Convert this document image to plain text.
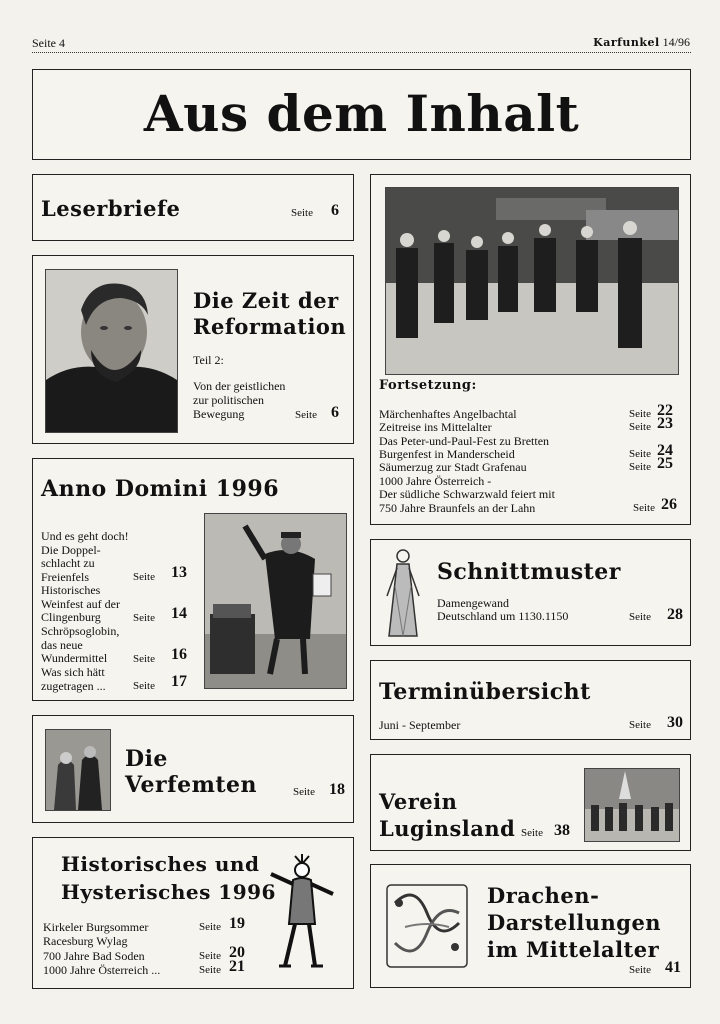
Seite 4	Karfunkel 14/96
Aus dem Inhalt
Leserbriefe	Seite 6
Die Zeit der
Reformation
Teil 2:
Von der geistlichen
zur politischen
Bewegung	Seite 6
Anno Domini 1996
Und es geht doch!
Die Doppel-
schlacht zu
Freienfels	Seite 13
Historisches
Weinfest auf der
Clingenburg	Seite 14
Schröpsoglobin,
das neue
Wundermittel	Seite 16
Was sich hätt
zugetragen ...	Seite 17
Die
Verfemten	Seite 18
Historisches und
Hysterisches 1996
Kirkeler Burgsommer	Seite 19
Racesburg Wylag
700 Jahre Bad Soden	Seite 20
1000 Jahre Österreich ...	Seite 21
Fortsetzung:
Märchenhaftes Angelbachtal	Seite 22
Zeitreise ins Mittelalter	Seite 23
Das Peter-und-Paul-Fest zu Bretten
Burgenfest in Manderscheid	Seite 24
Säumerzug zur Stadt Grafenau	Seite 25
1000 Jahre Österreich -
Der südliche Schwarzwald feiert mit
750 Jahre Braunfels an der Lahn	Seite 26
Schnittmuster
Damengewand
Deutschland um 1130.1150	Seite 28
Terminübersicht
Juni - September	Seite 30
Verein
Luginsland Seite 38
Drachen-
Darstellungen
im Mittelalter
Seite 41
